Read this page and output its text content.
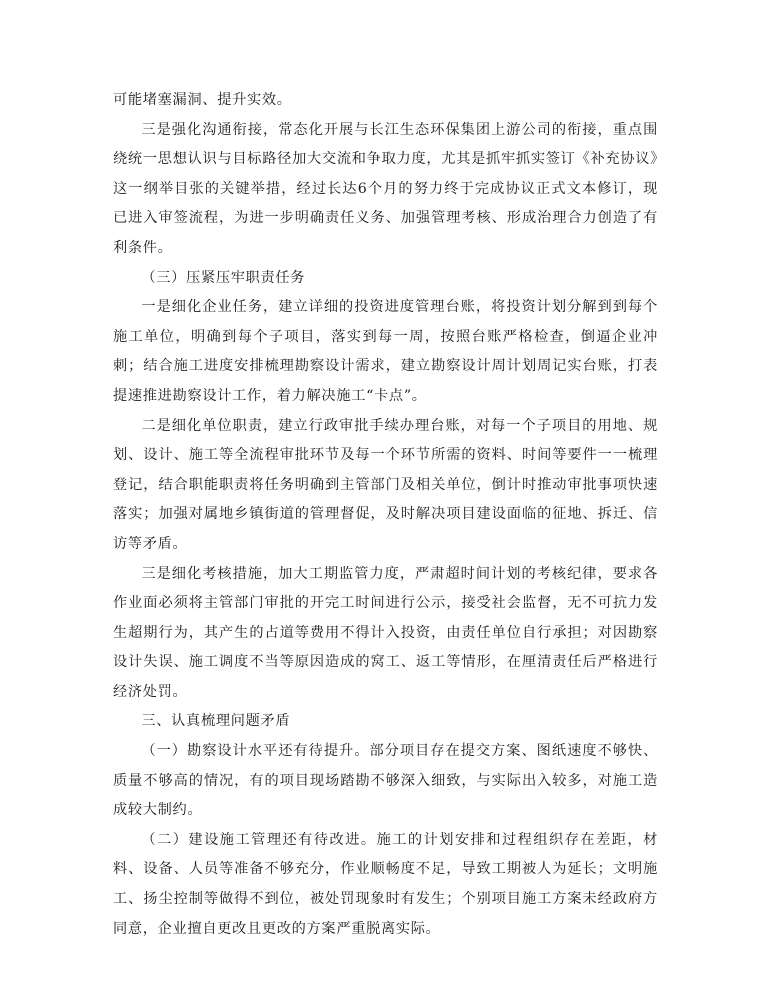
可能堵塞漏洞、提升实效。

三是强化沟通衔接，常态化开展与长江生态环保集团上游公司的衔接，重点围绕统一思想认识与目标路径加大交流和争取力度，尤其是抓牢抓实签订《补充协议》这一纲举目张的关键举措，经过长达6个月的努力终于完成协议正式文本修订，现已进入审签流程，为进一步明确责任义务、加强管理考核、形成治理合力创造了有利条件。

（三）压紧压牢职责任务

一是细化企业任务，建立详细的投资进度管理台账，将投资计划分解到到每个施工单位，明确到每个子项目，落实到每一周，按照台账严格检查，倒逼企业冲刺；结合施工进度安排梳理勘察设计需求，建立勘察设计周计划周记实台账，打表提速推进勘察设计工作，着力解决施工“卡点”。

二是细化单位职责，建立行政审批手续办理台账，对每一个子项目的用地、规划、设计、施工等全流程审批环节及每一个环节所需的资料、时间等要件一一梳理登记，结合职能职责将任务明确到主管部门及相关单位，倒计时推动审批事项快速落实；加强对属地乡镇街道的管理督促，及时解决项目建设面临的征地、拆迁、信访等矛盾。

三是细化考核措施，加大工期监管力度，严肃超时间计划的考核纪律，要求各作业面必须将主管部门审批的开完工时间进行公示，接受社会监督，无不可抗力发生超期行为，其产生的占道等费用不得计入投资，由责任单位自行承担；对因勘察设计失误、施工调度不当等原因造成的窝工、返工等情形，在厘清责任后严格进行经济处罚。

三、认真梳理问题矛盾

（一）勘察设计水平还有待提升。部分项目存在提交方案、图纸速度不够快、质量不够高的情况，有的项目现场踏勘不够深入细致，与实际出入较多，对施工造成较大制约。

（二）建设施工管理还有待改进。施工的计划安排和过程组织存在差距，材料、设备、人员等准备不够充分，作业顺畅度不足，导致工期被人为延长；文明施工、扬尘控制等做得不到位，被处罚现象时有发生；个别项目施工方案未经政府方同意，企业擅自更改且更改的方案严重脱离实际。
